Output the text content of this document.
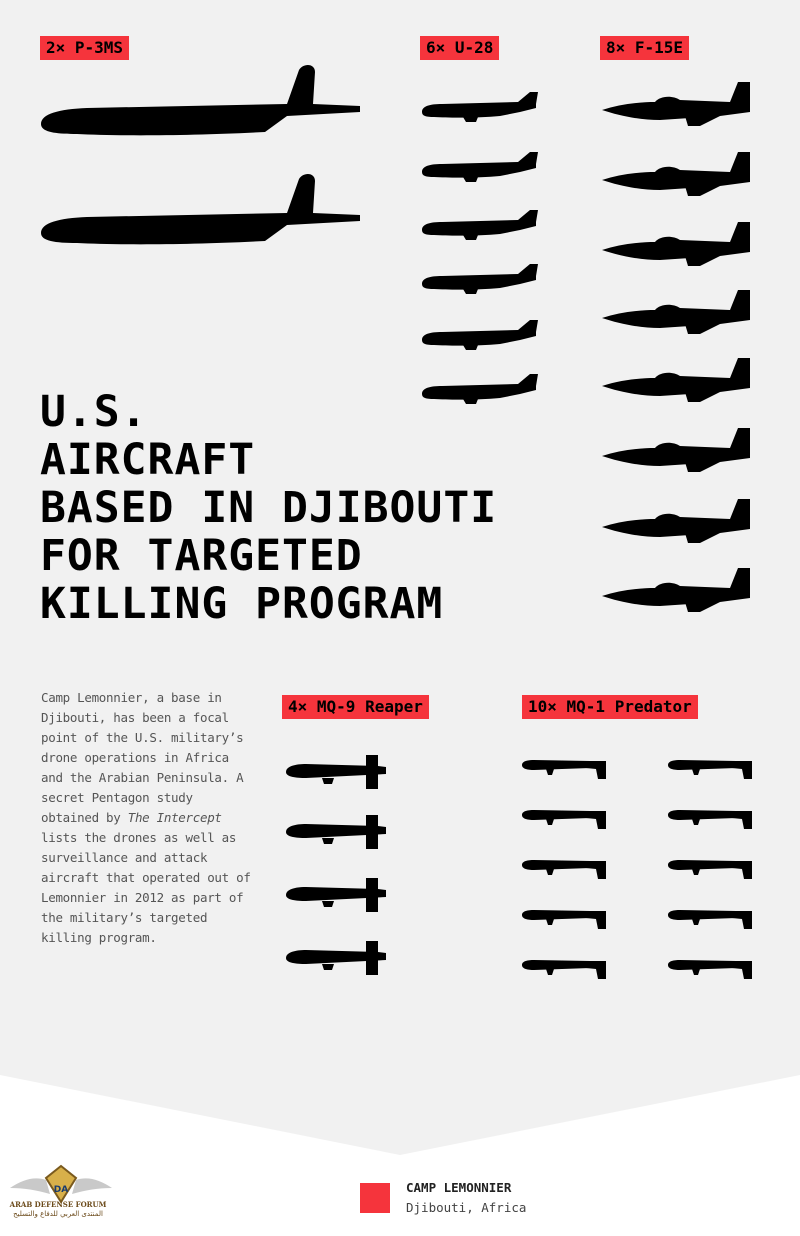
2× P-3MS	6× U-28	8× F-15E
4× MQ-9 Reaper	10× MQ-1 Predator
U.S.
AIRCRAFT
BASED IN DJIBOUTI
FOR TARGETED
KILLING PROGRAM

Camp Lemonnier, a base in Djibouti, has been a focal point of the U.S. military’s drone operations in Africa and the Arabian Peninsula. A secret Pentagon study obtained by The Intercept lists the drones as well as surveillance and attack aircraft that operated out of Lemonnier in 2012 as part of the military’s targeted killing program.

CAMP LEMONNIER
Djibouti, Africa
DA
ARAB DEFENSE FORUM
المنتدى العربي للدفاع والتسليح
